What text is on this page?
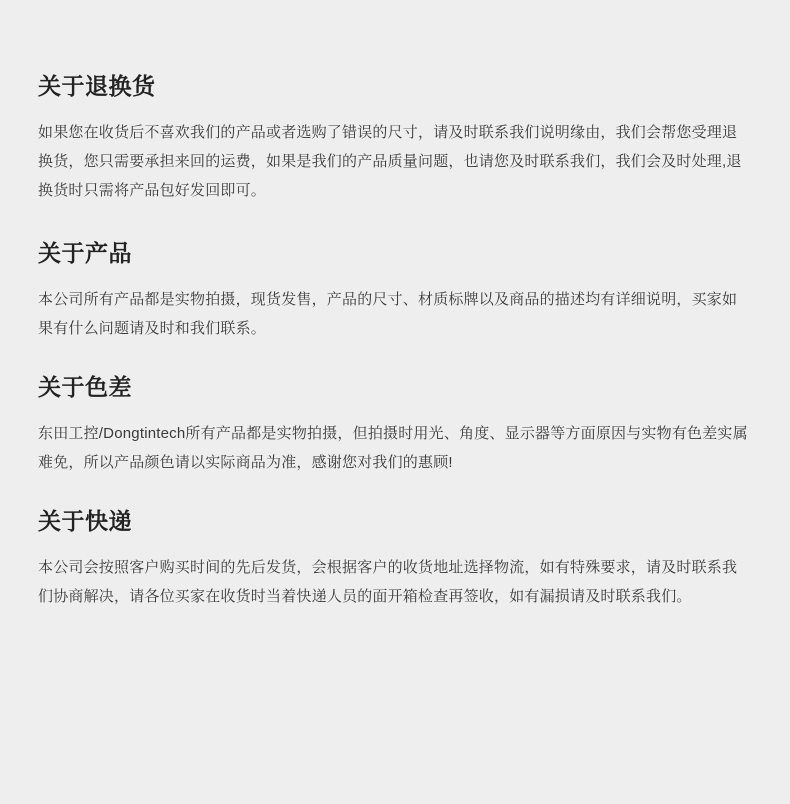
关于退换货

如果您在收货后不喜欢我们的产品或者选购了错误的尺寸，请及时联系我们说明缘由，我们会帮您受理退换货，您只需要承担来回的运费，如果是我们的产品质量问题，也请您及时联系我们，我们会及时处理,退换货时只需将产品包好发回即可。

关于产品

本公司所有产品都是实物拍摄，现货发售，产品的尺寸、材质标牌以及商品的描述均有详细说明，买家如果有什么问题请及时和我们联系。

关于色差

东田工控/Dongtintech所有产品都是实物拍摄，但拍摄时用光、角度、显示器等方面原因与实物有色差实属难免，所以产品颜色请以实际商品为准，感谢您对我们的惠顾!

关于快递

本公司会按照客户购买时间的先后发货，会根据客户的收货地址选择物流，如有特殊要求，请及时联系我们协商解决，请各位买家在收货时当着快递人员的面开箱检查再签收，如有漏损请及时联系我们。
